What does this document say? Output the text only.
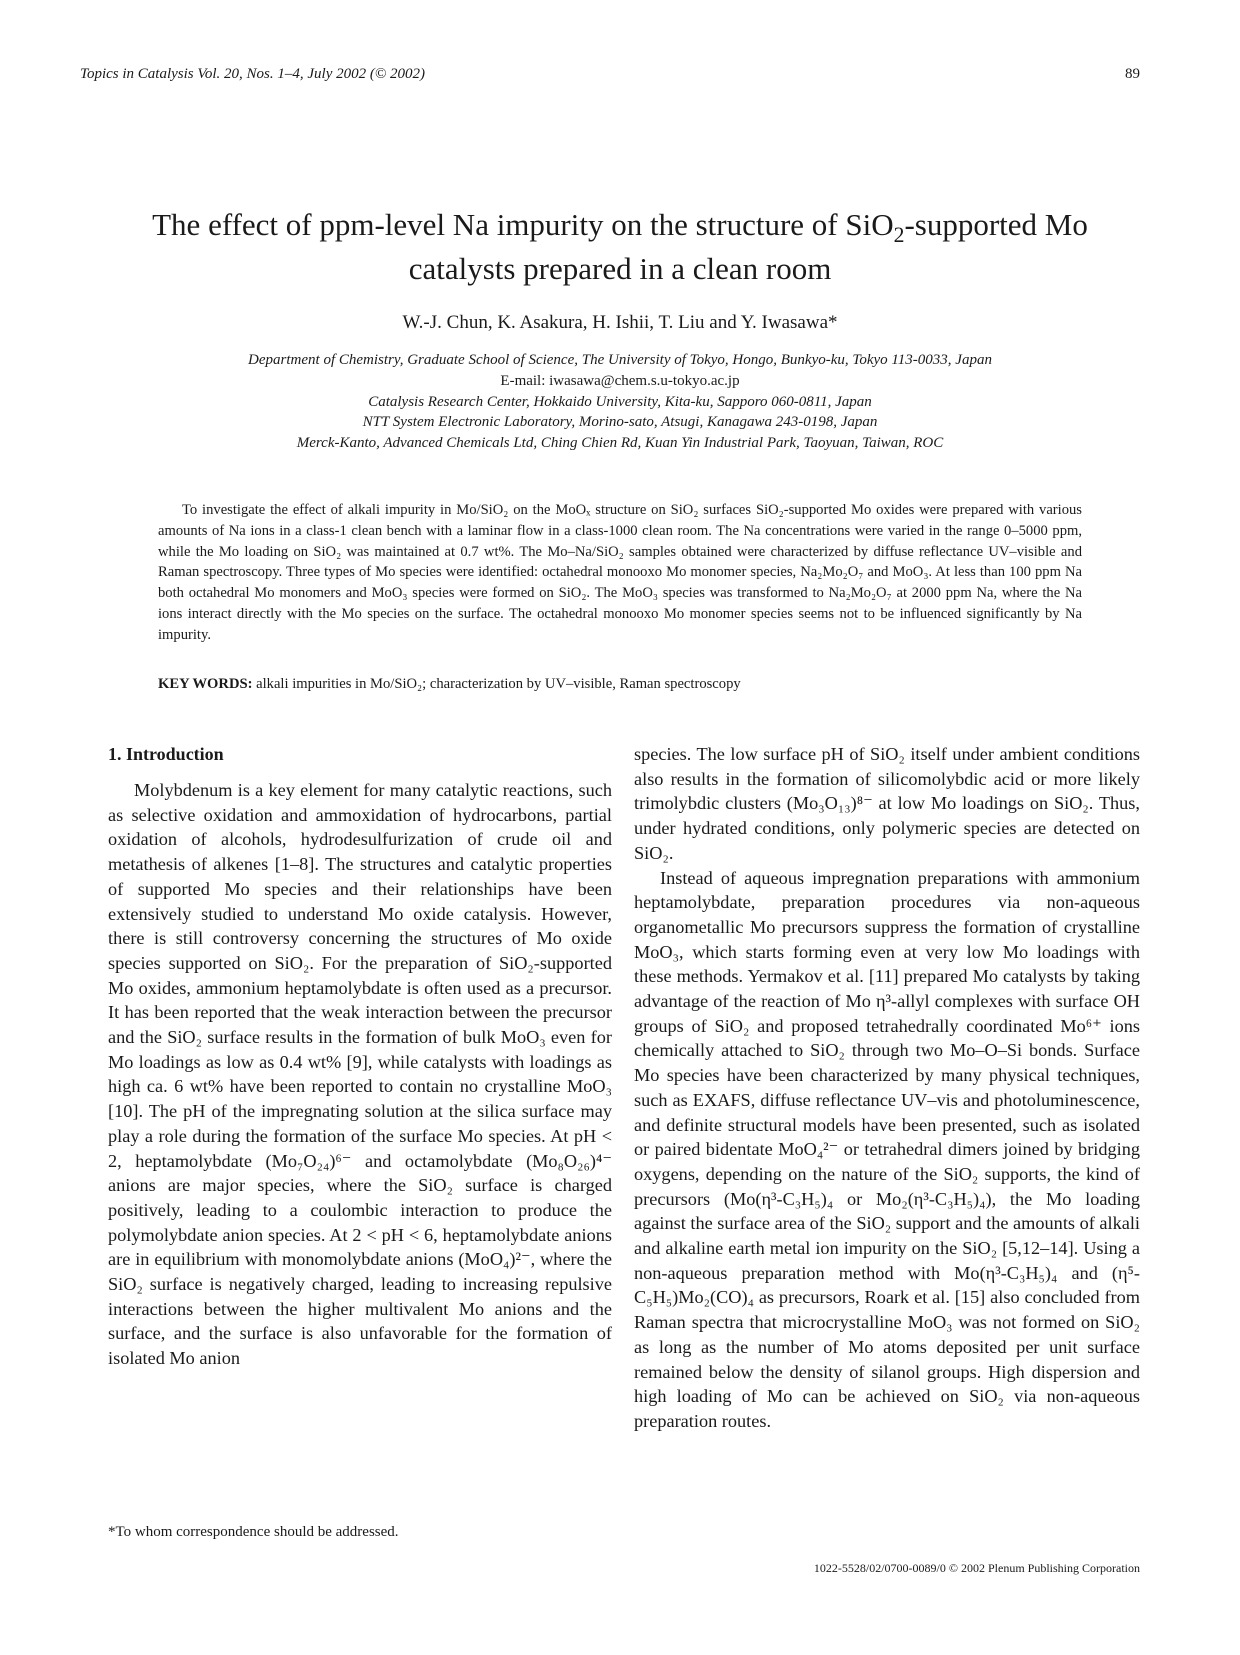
Topics in Catalysis Vol. 20, Nos. 1–4, July 2002 (© 2002)	89
The effect of ppm-level Na impurity on the structure of SiO$_2$-supported Mo
catalysts prepared in a clean room
W.-J. Chun, K. Asakura, H. Ishii, T. Liu and Y. Iwasawa*
Department of Chemistry, Graduate School of Science, The University of Tokyo, Hongo, Bunkyo-ku, Tokyo 113-0033, Japan
E-mail: iwasawa@chem.s.u-tokyo.ac.jp
Catalysis Research Center, Hokkaido University, Kita-ku, Sapporo 060-0811, Japan
NTT System Electronic Laboratory, Morino-sato, Atsugi, Kanagawa 243-0198, Japan
Merck-Kanto, Advanced Chemicals Ltd, Ching Chien Rd, Kuan Yin Industrial Park, Taoyuan, Taiwan, ROC
To investigate the effect of alkali impurity in Mo/SiO₂ on the MoOₓ structure on SiO₂ surfaces SiO₂-supported Mo oxides were prepared with various amounts of Na ions in a class-1 clean bench with a laminar flow in a class-1000 clean room. The Na concentrations were varied in the range 0–5000 ppm, while the Mo loading on SiO₂ was maintained at 0.7 wt%. The Mo–Na/SiO₂ samples obtained were characterized by diffuse reflectance UV–visible and Raman spectroscopy. Three types of Mo species were identified: octahedral monooxo Mo monomer species, Na₂Mo₂O₇ and MoO₃. At less than 100 ppm Na both octahedral Mo monomers and MoO₃ species were formed on SiO₂. The MoO₃ species was transformed to Na₂Mo₂O₇ at 2000 ppm Na, where the Na ions interact directly with the Mo species on the surface. The octahedral monooxo Mo monomer species seems not to be influenced significantly by Na impurity.
KEY WORDS: alkali impurities in Mo/SiO₂; characterization by UV–visible, Raman spectroscopy
1. Introduction

Molybdenum is a key element for many catalytic reactions, such as selective oxidation and ammoxidation of hydrocarbons, partial oxidation of alcohols, hydrodesulfurization of crude oil and metathesis of alkenes [1–8]. The structures and catalytic properties of supported Mo species and their relationships have been extensively studied to understand Mo oxide catalysis. However, there is still controversy concerning the structures of Mo oxide species supported on SiO₂. For the preparation of SiO₂-supported Mo oxides, ammonium heptamolybdate is often used as a precursor. It has been reported that the weak interaction between the precursor and the SiO₂ surface results in the formation of bulk MoO₃ even for Mo loadings as low as 0.4 wt% [9], while catalysts with loadings as high ca. 6 wt% have been reported to contain no crystalline MoO₃ [10]. The pH of the impregnating solution at the silica surface may play a role during the formation of the surface Mo species. At pH < 2, heptamolybdate (Mo₇O₂₄)⁶⁻ and octamolybdate (Mo₈O₂₆)⁴⁻ anions are major species, where the SiO₂ surface is charged positively, leading to a coulombic interaction to produce the polymolybdate anion species. At 2 < pH < 6, heptamolybdate anions are in equilibrium with monomolybdate anions (MoO₄)²⁻, where the SiO₂ surface is negatively charged, leading to increasing repulsive interactions between the higher multivalent Mo anions and the surface, and the surface is also unfavorable for the formation of isolated Mo anion

species. The low surface pH of SiO₂ itself under ambient conditions also results in the formation of silicomolybdic acid or more likely trimolybdic clusters (Mo₃O₁₃)⁸⁻ at low Mo loadings on SiO₂. Thus, under hydrated conditions, only polymeric species are detected on SiO₂.

Instead of aqueous impregnation preparations with ammonium heptamolybdate, preparation procedures via non-aqueous organometallic Mo precursors suppress the formation of crystalline MoO₃, which starts forming even at very low Mo loadings with these methods. Yermakov et al. [11] prepared Mo catalysts by taking advantage of the reaction of Mo η³-allyl complexes with surface OH groups of SiO₂ and proposed tetrahedrally coordinated Mo⁶⁺ ions chemically attached to SiO₂ through two Mo–O–Si bonds. Surface Mo species have been characterized by many physical techniques, such as EXAFS, diffuse reflectance UV–vis and photoluminescence, and definite structural models have been presented, such as isolated or paired bidentate MoO₄²⁻ or tetrahedral dimers joined by bridging oxygens, depending on the nature of the SiO₂ supports, the kind of precursors (Mo(η³-C₃H₅)₄ or Mo₂(η³-C₃H₅)₄), the Mo loading against the surface area of the SiO₂ support and the amounts of alkali and alkaline earth metal ion impurity on the SiO₂ [5,12–14]. Using a non-aqueous preparation method with Mo(η³-C₃H₅)₄ and (η⁵-C₅H₅)Mo₂(CO)₄ as precursors, Roark et al. [15] also concluded from Raman spectra that microcrystalline MoO₃ was not formed on SiO₂ as long as the number of Mo atoms deposited per unit surface remained below the density of silanol groups. High dispersion and high loading of Mo can be achieved on SiO₂ via non-aqueous preparation routes.

*To whom correspondence should be addressed.
1022-5528/02/0700-0089/0 © 2002 Plenum Publishing Corporation
